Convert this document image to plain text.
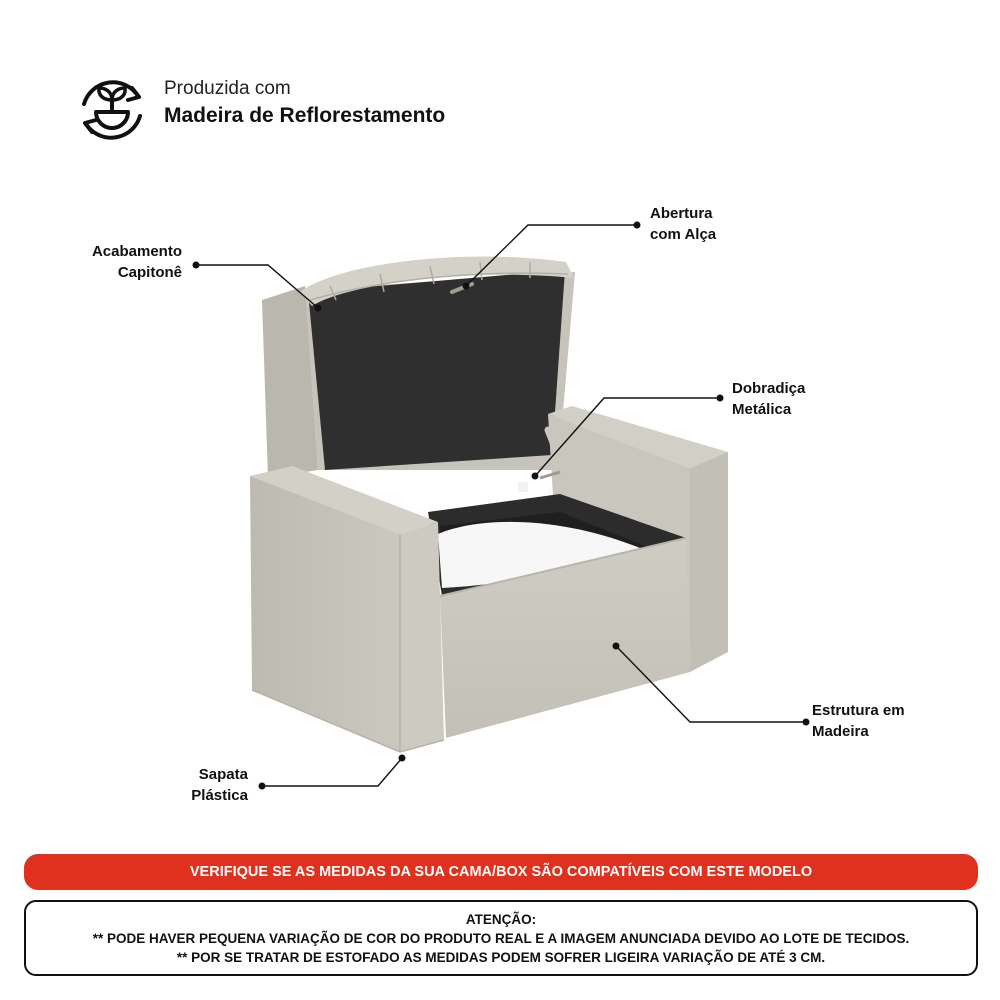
Produzida com
Madeira de Reflorestamento
Acabamento
Capitonê
Abertura
com Alça
Dobradiça
Metálica
Estrutura em
Madeira
Sapata
Plástica
VERIFIQUE SE AS MEDIDAS DA SUA CAMA/BOX SÃO COMPATÍVEIS COM ESTE MODELO
ATENÇÃO:
** PODE HAVER PEQUENA VARIAÇÃO DE COR DO PRODUTO REAL E A IMAGEM ANUNCIADA DEVIDO AO LOTE DE TECIDOS.
** POR SE TRATAR DE ESTOFADO AS MEDIDAS PODEM SOFRER LIGEIRA VARIAÇÃO DE ATÉ 3 CM.
